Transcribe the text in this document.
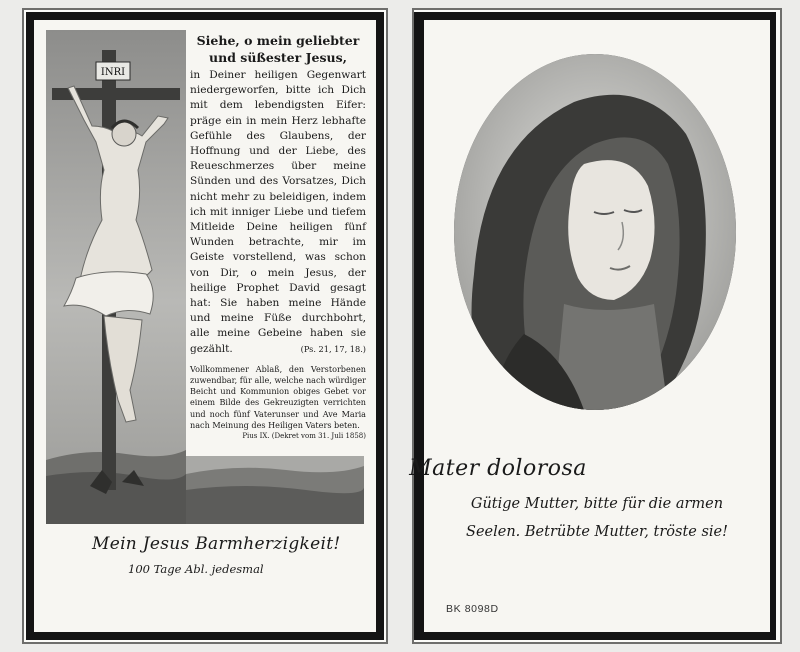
INRI

Siehe, o mein geliebter und süßester Jesus,

in Deiner heiligen Gegenwart niedergeworfen, bitte ich Dich mit dem lebendigsten Eifer: präge ein in mein Herz lebhafte Gefühle des Glaubens, der Hoffnung und der Liebe, des Reueschmerzes über meine Sünden und des Vorsatzes, Dich nicht mehr zu beleidigen, indem ich mit inniger Liebe und tiefem Mitleide Deine heiligen fünf Wunden betrachte, mir im Geiste vorstellend, was schon von Dir, o mein Jesus, der heilige Prophet David gesagt hat: Sie haben meine Hände und meine Füße durchbohrt, alle meine Gebeine haben sie gezählt.	(Ps. 21, 17, 18.)
Vollkommener Ablaß, den Verstorbenen zuwendbar, für alle, welche nach würdiger Beicht und Kommunion obiges Gebet vor einem Bilde des Gekreuzigten verrichten und noch fünf Vaterunser und Ave Maria nach Meinung des Heiligen Vaters beten.
Pius IX. (Dekret vom 31. Juli 1858)
Mein Jesus Barmherzigkeit!
100 Tage Abl. jedesmal
Mater dolorosa
Gütige Mutter, bitte für die armen
Seelen. Betrübte Mutter, tröste sie!
BK 8098D
